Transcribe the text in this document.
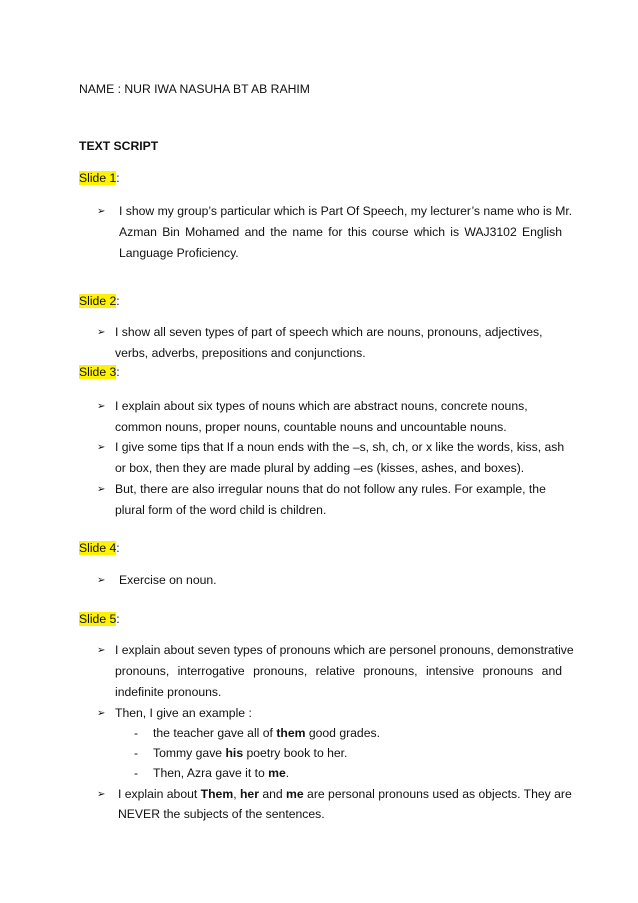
NAME : NUR IWA NASUHA BT AB RAHIM
TEXT SCRIPT
Slide 1:
➢ I show my group’s particular which is Part Of Speech, my lecturer’s name who is Mr.
Azman Bin Mohamed and the name for this course which is WAJ3102 English
Language Proficiency.
Slide 2:
➢ I show all seven types of part of speech which are nouns, pronouns, adjectives,
verbs, adverbs, prepositions and conjunctions.
Slide 3:
➢ I explain about six types of nouns which are abstract nouns, concrete nouns,
common nouns, proper nouns, countable nouns and uncountable nouns.
➢ I give some tips that If a noun ends with the –s, sh, ch, or x like the words, kiss, ash
or box, then they are made plural by adding –es (kisses, ashes, and boxes).
➢ But, there are also irregular nouns that do not follow any rules. For example, the
plural form of the word child is children.
Slide 4:
➢ Exercise on noun.
Slide 5:
➢ I explain about seven types of pronouns which are personel pronouns, demonstrative
pronouns, interrogative pronouns, relative pronouns, intensive pronouns and
indefinite pronouns.
➢ Then, I give an example :
- the teacher gave all of them good grades.
- Tommy gave his poetry book to her.
- Then, Azra gave it to me.
➢ I explain about Them, her and me are personal pronouns used as objects. They are
NEVER the subjects of the sentences.
